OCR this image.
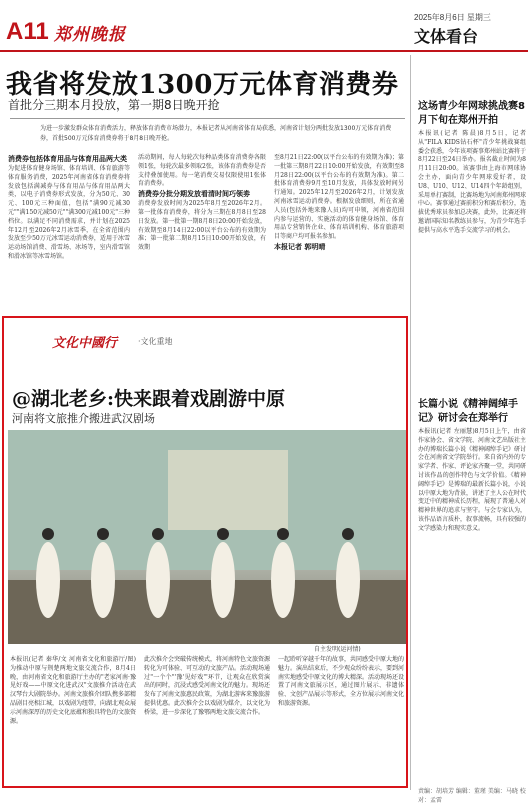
A11 郑州晚报
2025年8月6日 星期三
文体看台
我省将发放1300万元体育消费券
首批分三期本月投放，第一期8日晚开抢
为进一步激发群众体育消费活力，释放体育消费市场潜力，本报记者从河南省体育局获悉，河南省计划分两批发放1300万元体育消费券，首批500万元体育消费券将于8月8日晚开抢。
消费券包括体育用品与体育用品两大类
为促进体育健身场馆、体育培训、体育旅游等体育服务消费，2025年河南省体育消费券将发放包括满减券与体育用品与体育用品两大类，以电子消费券形式发放，分为50元、30元、100元三种面值，包括"满90元减30元""满150元减50元""满300元减100元"三种档位。以满足不同消费需求，并计划在2025年12月至2026年2月冰雪季，在全省范围内发放至少50万元冰雪运动消费券，适用于冰雪运动场馆消费、滑雪场、冰场等，室内滑雪馆和滑冰馆等冰雪场馆。
活动期间，每人每轮次每种品类体育消费券各限领1张，每轮次最多领取2张，该体育消费券是否支持叠加使用。每一笔消费交易仅限使用1张体育消费券。
消费券分批分期发放看清时间巧领劵
消费券发放时间为2025年8月至2026年2月。第一批体育消费券，将分为三期在8月8日至28日发放。第一批第一期8月8日20:00开始发放，有效期至8月14日22:00以平台公布的有效期为准；第一批第二期8月15日10:00开始发放，有效期
至8月21日22:00(以平台公布的有效期为准)；第一批第三期8月22日10:00开始发放，有效期至8月28日22:00(以平台公布的有效期为准)。第二批体育消费券9月至10月发放，具体发放时间另行通知。2025年12月至2026年2月，计划发放河南冰雪运动消费券。根据发放细则，所在省通人员(包括外地来豫人员)均可申领，河南省范围内参与运营的、实施活动的体育健身场馆、体育用品专营销售企业、体育培训机构、体育旅游项目等商户均可报名参加。
本报记者 郭明晴
这场青少年网球挑战赛8月下旬在郑州开拍
本报讯(记者 陈晨)8月5日，记者从"FILA KIDS钻石杯"青少年挑战赛组委会获悉，今年该项赛事郑州站比赛将于8月22日至24日举办。报名截止时间为8月11日20:00。该赛事由上海市网球协会主办，面向青少年网球爱好者，设U8、U10、U12、U14四个年龄组别，采用单打赛制，比赛场地为河南郑州网球中心。赛事通过赛前积分和赛后积分，选拔优秀球员参加总决赛，此外，比赛还将邀请国际知名教练员参与，为青少年选手提供与高水平选手交流学习的机会。
长篇小说《精神阔绰手记》研讨会在郑举行
本报讯(记者 左丽慧)8月5日上午，由省作家协会、省文学院、河南文艺出版社主办的博瑞长篇小说《精神阔绰手记》研讨会在河南省文学院举行。来自省内外的专家学者、作家、评论家齐聚一堂，共同研讨该作品的创作特色与文学价值。《精神阔绰手记》是博瑞的最新长篇小说，小说以中原大地为背景，讲述了主人公在时代变迁中的精神成长历程，展现了普通人对精神世界的追求与坚守。与会专家认为，该作品语言质朴，叙事流畅，具有较强的文学感染力和现实意义。
文化中國行	·文化重地
@湖北老乡:快来跟着戏剧游中原
河南将文旅推介搬进武汉剧场
自主发明(运河情)
本报讯(记者 秦华/文 河南省文化和旅游厅/图)为推动中原与荆楚两地文旅交流合作，8月4日晚，由河南省文化和旅游厅主办的"老家河南·豫见好戏——中原文化进武汉"文旅推介活动在武汉琴台大剧院举办。河南文旅推介团队携多部精品剧目亮相江城，以戏剧为纽带，向湖北观众展示河南深厚的历史文化底蕴和独具特色的文旅资源。
此次推介会突破传统模式，将河南特色文旅资源转化为可体验、可互动的文旅产品。活动现场通过"一个个"'豫'见好戏'"环节，让观众在欣赏演出的同时，沉浸式感受河南文化的魅力。现场还发布了河南文旅惠民政策，为湖北游客来豫旅游提供优惠。此次推介会以戏剧为媒介，以文化为桥梁，进一步深化了豫鄂两地文旅交流合作。
一起聆听穿越千年的故事，共同感受中原大地的魅力。演出结束后，不少观众纷纷表示，要到河南实地感受中原文化的博大精深。活动现场还设置了河南文旅展示区，通过图片展示、非遗体验、文创产品展示等形式，全方位展示河南文化和旅游资源。
责编：胡培芳 编辑：董瑾 美编：马晓 校对：孟雷
